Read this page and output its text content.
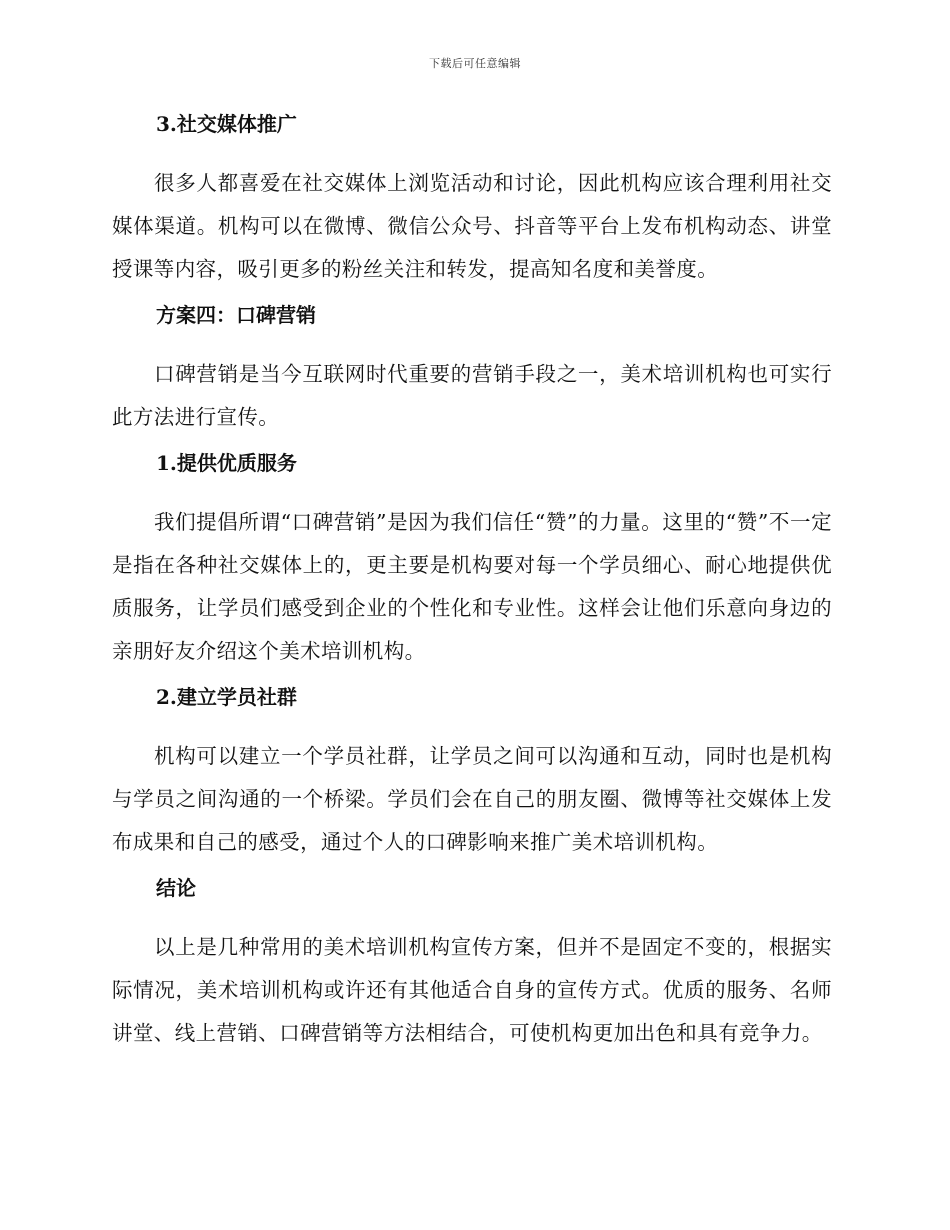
下载后可任意编辑
3.社交媒体推广

很多人都喜爱在社交媒体上浏览活动和讨论，因此机构应该合理利用社交媒体渠道。机构可以在微博、微信公众号、抖音等平台上发布机构动态、讲堂授课等内容，吸引更多的粉丝关注和转发，提高知名度和美誉度。

方案四：口碑营销

口碑营销是当今互联网时代重要的营销手段之一，美术培训机构也可实行此方法进行宣传。

1.提供优质服务

我们提倡所谓“口碑营销”是因为我们信任“赞”的力量。这里的“赞”不一定是指在各种社交媒体上的，更主要是机构要对每一个学员细心、耐心地提供优质服务，让学员们感受到企业的个性化和专业性。这样会让他们乐意向身边的亲朋好友介绍这个美术培训机构。

2.建立学员社群

机构可以建立一个学员社群，让学员之间可以沟通和互动，同时也是机构与学员之间沟通的一个桥梁。学员们会在自己的朋友圈、微博等社交媒体上发布成果和自己的感受，通过个人的口碑影响来推广美术培训机构。

结论

以上是几种常用的美术培训机构宣传方案，但并不是固定不变的，根据实际情况，美术培训机构或许还有其他适合自身的宣传方式。优质的服务、名师讲堂、线上营销、口碑营销等方法相结合，可使机构更加出色和具有竞争力。
